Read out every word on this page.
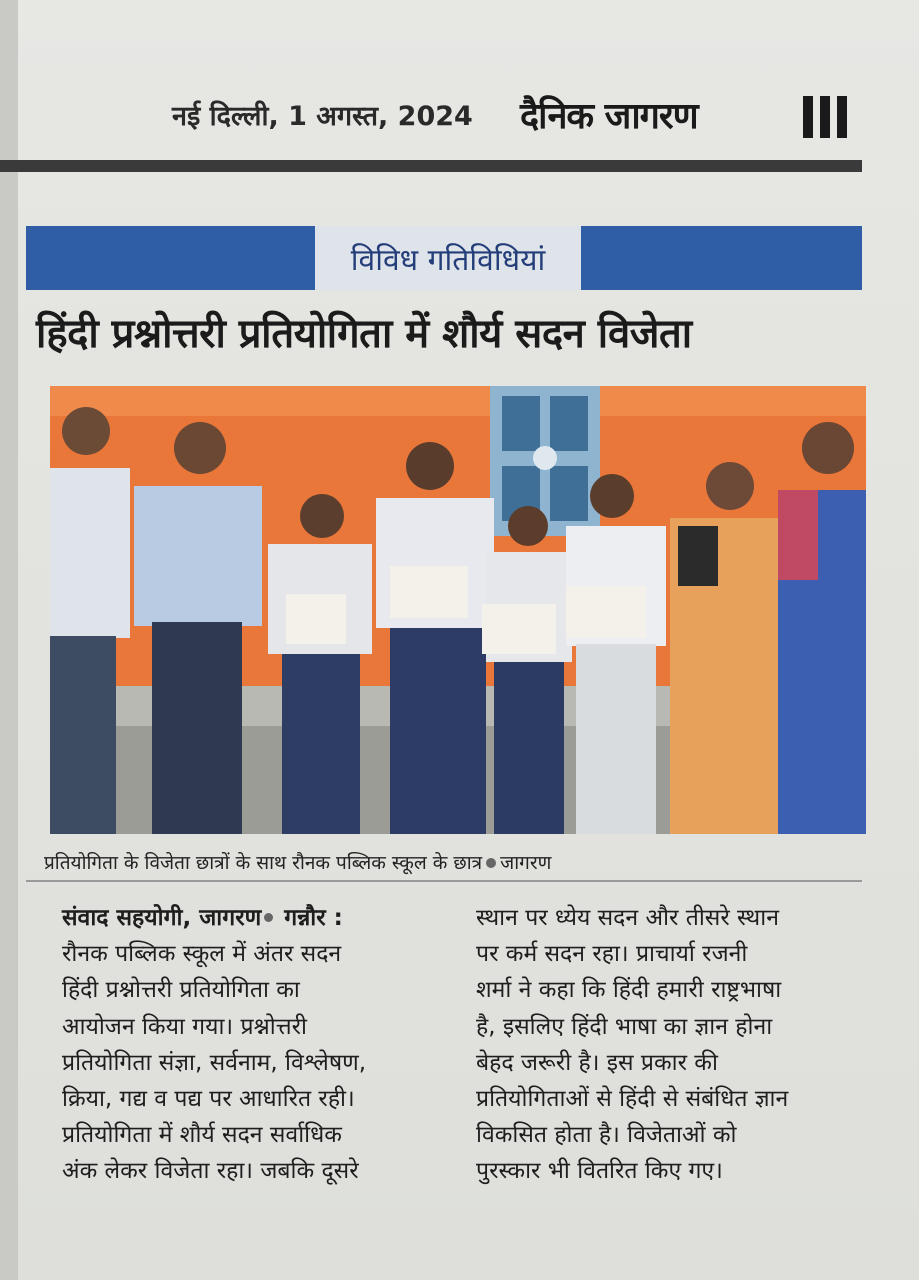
नई दिल्ली, 1 अगस्त, 2024 दैनिक जागरण
विविध गतिविधियां
हिंदी प्रश्नोत्तरी प्रतियोगिता में शौर्य सदन विजेता
प्रतियोगिता के विजेता छात्रों के साथ रौनक पब्लिक स्कूल के छात्र जागरण

संवाद सहयोगी, जागरण गन्नौर :

रौनक पब्लिक स्कूल में अंतर सदन

हिंदी प्रश्नोत्तरी प्रतियोगिता का

आयोजन किया गया। प्रश्नोत्तरी

प्रतियोगिता संज्ञा, सर्वनाम, विश्लेषण,

क्रिया, गद्य व पद्य पर आधारित रही।

प्रतियोगिता में शौर्य सदन सर्वाधिक

अंक लेकर विजेता रहा। जबकि दूसरे

स्थान पर ध्येय सदन और तीसरे स्थान

पर कर्म सदन रहा। प्राचार्या रजनी

शर्मा ने कहा कि हिंदी हमारी राष्ट्रभाषा

है, इसलिए हिंदी भाषा का ज्ञान होना

बेहद जरूरी है। इस प्रकार की

प्रतियोगिताओं से हिंदी से संबंधित ज्ञान

विकसित होता है। विजेताओं को

पुरस्कार भी वितरित किए गए।
